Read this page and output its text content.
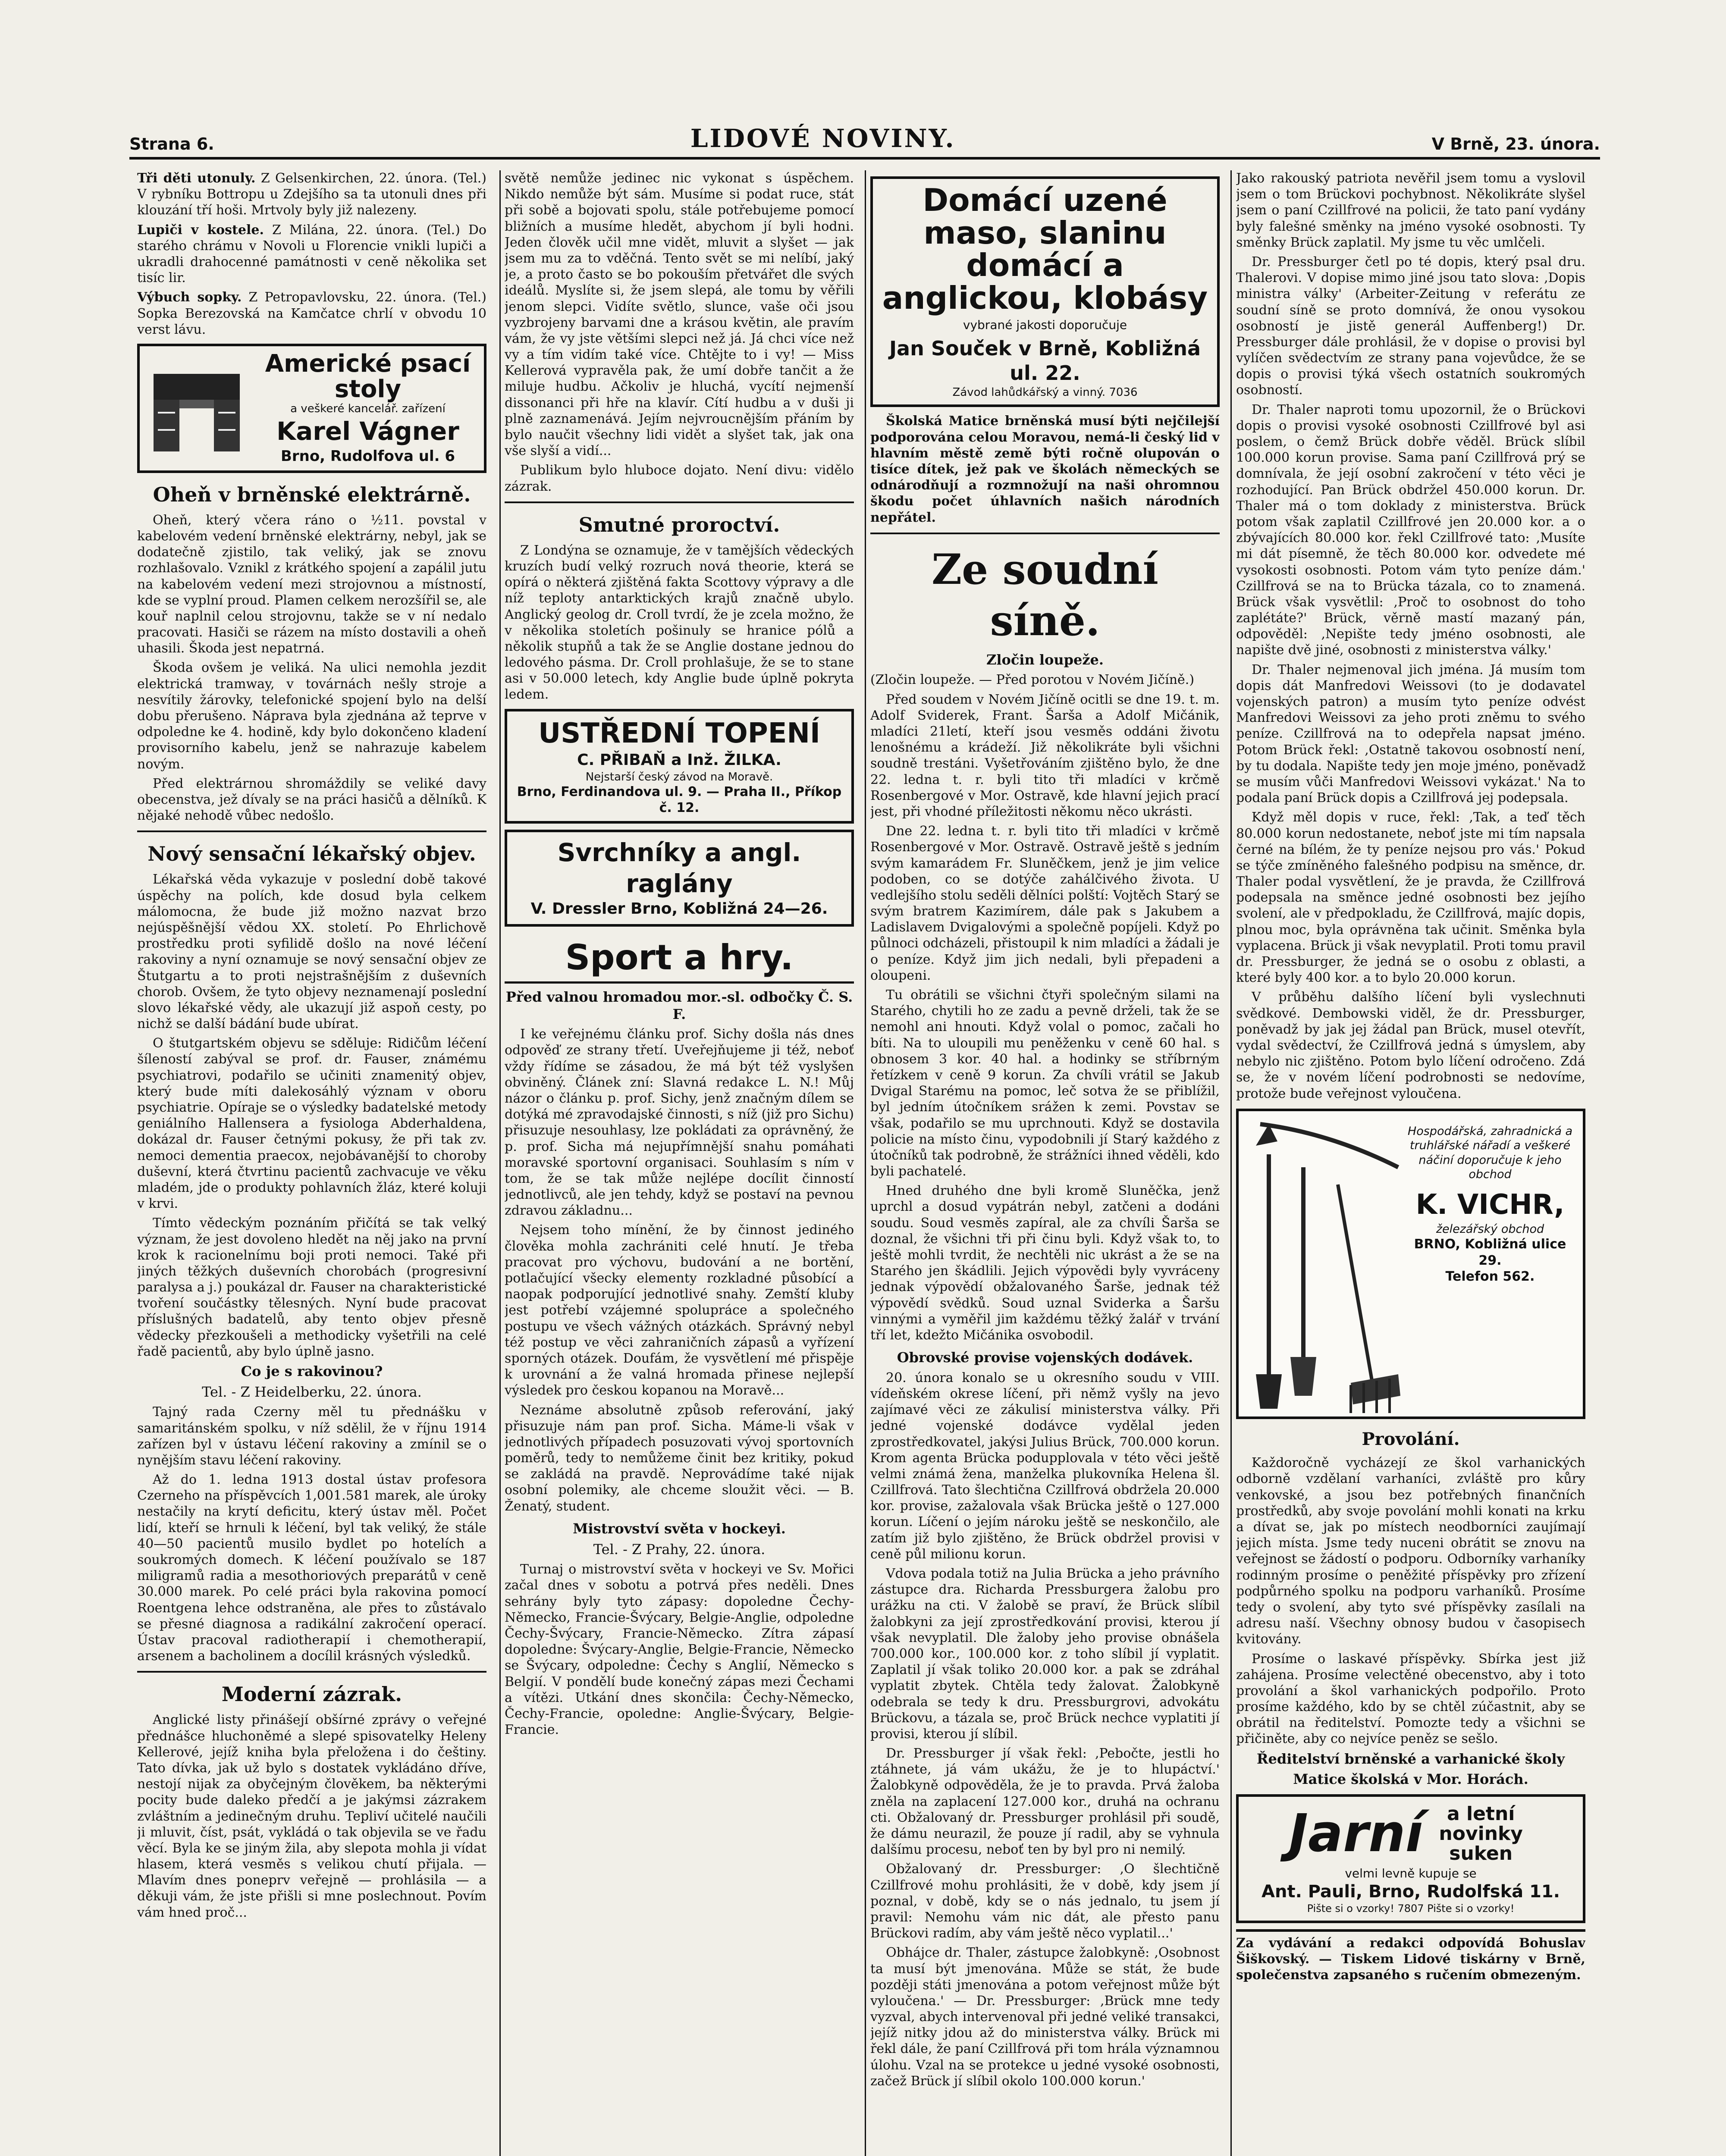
Strana 6.	LIDOVÉ NOVINY.	V Brně, 23. února.

Tři děti utonuly. Z Gelsenkirchen, 22. února. (Tel.) V rybníku Bottropu u Zdejšího sa ta utonuli dnes při klouzání tří hoši. Mrtvoly byly již nalezeny.

Lupiči v kostele. Z Milána, 22. února. (Tel.) Do starého chrámu v Novoli u Florencie vnikli lupiči a ukradli drahocenné památnosti v ceně několika set tisíc lir.

Výbuch sopky. Z Petropavlovsku, 22. února. (Tel.) Sopka Berezovská na Kamčatce chrlí v obvodu 10 verst lávu.

Americké psací stoly
a veškeré kancelář. zařízení
Karel Vágner
Brno, Rudolfova ul. 6
Oheň v brněnské elektrárně.

Oheň, který včera ráno o ½11. povstal v kabelovém vedení brněnské elektrárny, nebyl, jak se dodatečně zjistilo, tak veliký, jak se znovu rozhlašovalo. Vznikl z krátkého spojení a zapálil jutu na kabelovém vedení mezi strojovnou a místností, kde se vyplní proud. Plamen celkem nerozšířil se, ale kouř naplnil celou strojovnu, takže se v ní nedalo pracovati. Hasiči se rázem na místo dostavili a oheň uhasili. Škoda jest nepatrná.

Škoda ovšem je veliká. Na ulici nemohla jezdit elektrická tramway, v továrnách nešly stroje a nesvítily žárovky, telefonické spojení bylo na delší dobu přerušeno. Náprava byla zjednána až teprve v odpoledne ke 4. hodině, kdy bylo dokončeno kladení provisorního kabelu, jenž se nahrazuje kabelem novým.

Před elektrárnou shromáždily se veliké davy obecenstva, jež dívaly se na práci hasičů a dělníků. K nějaké nehodě vůbec nedošlo.

Nový sensační lékařský objev.

Lékařská věda vykazuje v poslední době takové úspěchy na polích, kde dosud byla celkem málomocna, že bude již možno nazvat brzo nejúspěšnější vědou XX. století. Po Ehrlichově prostředku proti syfilidě došlo na nové léčení rakoviny a nyní oznamuje se nový sensační objev ze Štutgartu a to proti nejstrašnějším z duševních chorob. Ovšem, že tyto objevy neznamenají poslední slovo lékařské vědy, ale ukazují již aspoň cesty, po nichž se další bádání bude ubírat.

O štutgartském objevu se sděluje: Ridičům léčení šíleností zabýval se prof. dr. Fauser, známému psychiatrovi, podařilo se učiniti znamenitý objev, který bude míti dalekosáhlý význam v oboru psychiatrie. Opíraje se o výsledky badatelské metody geniálního Hallensera a fysiologa Abderhaldena, dokázal dr. Fauser četnými pokusy, že při tak zv. nemoci dementia praecox, nejobávanější to choroby duševní, která čtvrtinu pacientů zachvacuje ve věku mladém, jde o produkty pohlavních žláz, které koluji v krvi.

Tímto vědeckým poznáním přičítá se tak velký význam, že jest dovoleno hledět na něj jako na první krok k racionelnímu boji proti nemoci. Také při jiných těžkých duševních chorobách (progresivní paralysa a j.) poukázal dr. Fauser na charakteristické tvoření součástky tělesných. Nyní bude pracovat příslušných badatelů, aby tento objev přesně vědecky přezkoušeli a methodicky vyšetřili na celé řadě pacientů, aby bylo úplně jasno.

Co je s rakovinou?
Tel. - Z Heidelberku, 22. února.

Tajný rada Czerny měl tu přednášku v samaritánském spolku, v níž sdělil, že v říjnu 1914 zařízen byl v ústavu léčení rakoviny a zmínil se o nynějším stavu léčení rakoviny.

Až do 1. ledna 1913 dostal ústav profesora Czerneho na příspěvcích 1,001.581 marek, ale úroky nestačily na krytí deficitu, který ústav měl. Počet lidí, kteří se hrnuli k léčení, byl tak veliký, že stále 40—50 pacientů musilo bydlet po hotelích a soukromých domech. K léčení používalo se 187 miligramů radia a mesothoriových preparátů v ceně 30.000 marek. Po celé práci byla rakovina pomocí Roentgena lehce odstraněna, ale přes to zůstávalo se přesné diagnosa a radikální zakročení operací. Ústav pracoval radiotherapií i chemotherapií, arsenem a bacholinem a docílil krásných výsledků.

Moderní zázrak.

Anglické listy přinášejí obšírné zprávy o veřejné přednášce hluchoněmé a slepé spisovatelky Heleny Kellerové, jejíž kniha byla přeložena i do češtiny. Tato dívka, jak už bylo s dostatek vykládáno dříve, nestojí nijak za obyčejným člověkem, ba některými pocity bude daleko předčí a je jakýmsi zázrakem zvláštním a jedinečným druhu. Tepliví učitelé naučili ji mluvit, číst, psát, vykládá o tak objevila se ve řadu věcí. Byla ke se jiným žila, aby slepota mohla ji vídat hlasem, která vesměs s velikou chutí přijala. — Mlavím dnes poneprv veřejně — prohlásila — a děkuji vám, že jste přišli si mne poslechnout. Povím vám hned proč...

světě nemůže jedinec nic vykonat s úspěchem. Nikdo nemůže být sám. Musíme si podat ruce, stát při sobě a bojovati spolu, stále potřebujeme pomocí bližních a musíme hledět, abychom jí byli hodni. Jeden člověk učil mne vidět, mluvit a slyšet — jak jsem mu za to vděčná. Tento svět se mi nelíbí, jaký je, a proto často se bo pokouším přetvářet dle svých ideálů. Myslíte si, že jsem slepá, ale tomu by věřili jenom slepci. Vidíte světlo, slunce, vaše oči jsou vyzbrojeny barvami dne a krásou květin, ale pravím vám, že vy jste většími slepci než já. Já chci více než vy a tím vidím také více. Chtějte to i vy! — Miss Kellerová vypravěla pak, že umí dobře tančit a že miluje hudbu. Ačkoliv je hluchá, vycítí nejmenší dissonanci při hře na klavír. Cítí hudbu a v duši ji plně zaznamenává. Jejím nejvroucnějším přáním by bylo naučit všechny lidi vidět a slyšet tak, jak ona vše slyší a vidí...

Publikum bylo hluboce dojato. Není divu: vidělo zázrak.

Smutné proroctví.

Z Londýna se oznamuje, že v tamějších vědeckých kruzích budí velký rozruch nová theorie, která se opírá o některá zjištěná fakta Scottovy výpravy a dle níž teploty antarktických krajů značně ubylo. Anglický geolog dr. Croll tvrdí, že je zcela možno, že v několika stoletích pošinuly se hranice pólů a několik stupňů a tak že se Anglie dostane jednou do ledového pásma. Dr. Croll prohlašuje, že se to stane asi v 50.000 letech, kdy Anglie bude úplně pokryta ledem.

USTŘEDNÍ TOPENÍ
C. PŘIBAŇ a Inž. ŽILKA.
Nejstarší český závod na Moravě.
Brno, Ferdinandova ul. 9. — Praha II., Příkop č. 12.
Svrchníky a angl. raglány
V. Dressler Brno, Kobližná 24—26.
Sport a hry.
Před valnou hromadou mor.-sl. odbočky Č. S. F.

I ke veřejnému článku prof. Sichy došla nás dnes odpověď ze strany třetí. Uveřejňujeme ji též, neboť vždy řídíme se zásadou, že má být též vyslyšen obviněný. Článek zní: Slavná redakce L. N.! Můj názor o článku p. prof. Sichy, jenž značným dílem se dotýká mé zpravodajské činnosti, s níž (již pro Sichu) přisuzuje nesouhlasy, lze pokládati za oprávněný, že p. prof. Sicha má nejupřímnější snahu pomáhati moravské sportovní organisaci. Souhlasím s ním v tom, že se tak může nejlépe docílit činností jednotlivců, ale jen tehdy, když se postaví na pevnou zdravou základnu...

Nejsem toho mínění, že by činnost jediného člověka mohla zachrániti celé hnutí. Je třeba pracovat pro výchovu, budování a ne bortění, potlačující všecky elementy rozkladné působící a naopak podporující jednotlivé snahy. Zemští kluby jest potřebí vzájemné spolupráce a společného postupu ve všech vážných otázkách. Správný nebyl též postup ve věci zahraničních zápasů a vyřízení sporných otázek. Doufám, že vysvětlení mé přispěje k urovnání a že valná hromada přinese nejlepší výsledek pro českou kopanou na Moravě...

Neznáme absolutně způsob referování, jaký přisuzuje nám pan prof. Sicha. Máme-li však v jednotlivých případech posuzovati vývoj sportovních poměrů, tedy to nemůžeme činit bez kritiky, pokud se zakládá na pravdě. Neprovádíme také nijak osobní polemiky, ale chceme sloužit věci. — B. Ženatý, student.

Mistrovství světa v hockeyi.
Tel. - Z Prahy, 22. února.

Turnaj o mistrovství světa v hockeyi ve Sv. Mořici začal dnes v sobotu a potrvá přes neděli. Dnes sehrány byly tyto zápasy: dopoledne Čechy-Německo, Francie-Švýcary, Belgie-Anglie, odpoledne Čechy-Švýcary, Francie-Německo. Zítra zápasí dopoledne: Švýcary-Anglie, Belgie-Francie, Německo se Švýcary, odpoledne: Čechy s Anglií, Německo s Belgií. V pondělí bude konečný zápas mezi Čechami a vítězi. Utkání dnes skončila: Čechy-Německo, Čechy-Francie, opoledne: Anglie-Švýcary, Belgie-Francie.

Domácí uzené maso, slaninu domácí a anglickou, klobásy
vybrané jakosti doporučuje
Jan Souček v Brně, Kobližná ul. 22.
Závod lahůdkářský a vinný. 7036

Školská Matice brněnská musí býti nejčilejší podporována celou Moravou, nemá-li český lid v hlavním městě země býti ročně olupován o tisíce dítek, jež pak ve školách německých se odnárodňují a rozmnožují na naši ohromnou škodu počet úhlavních našich národních nepřátel.

Ze soudní síně.
Zločin loupeže.

(Zločin loupeže. — Před porotou v Novém Jičíně.)

Před soudem v Novém Jičíně ocitli se dne 19. t. m. Adolf Sviderek, Frant. Šarša a Adolf Mičánik, mladíci 21letí, kteří jsou vesměs oddáni životu lenošnému a krádeží. Již několikráte byli všichni soudně trestáni. Vyšetřováním zjištěno bylo, že dne 22. ledna t. r. byli tito tři mladíci v krčmě Rosenbergové v Mor. Ostravě, kde hlavní jejich prací jest, při vhodné příležitosti někomu něco ukrásti.

Dne 22. ledna t. r. byli tito tři mladíci v krčmě Rosenbergové v Mor. Ostravě. Ostravě ještě s jedním svým kamarádem Fr. Sluněčkem, jenž je jim velice podoben, co se dotýče zahálčivého života. U vedlejšího stolu seděli dělníci polští: Vojtěch Starý se svým bratrem Kazimírem, dále pak s Jakubem a Ladislavem Dvigalovými a společně popíjeli. Když po půlnoci odcházeli, přistoupil k nim mladíci a žádali je o peníze. Když jim jich nedali, byli přepadeni a oloupeni.

Tu obrátili se všichni čtyři společným silami na Starého, chytili ho ze zadu a pevně drželi, tak že se nemohl ani hnouti. Když volal o pomoc, začali ho bíti. Na to uloupili mu peněženku v ceně 60 hal. s obnosem 3 kor. 40 hal. a hodinky se stříbrným řetízkem v ceně 9 korun. Za chvíli vrátil se Jakub Dvigal Starému na pomoc, leč sotva že se přiblížil, byl jedním útočníkem srážen k zemi. Povstav se však, podařilo se mu uprchnouti. Když se dostavila policie na místo činu, vypodobnili jí Starý každého z útočníků tak podrobně, že strážníci ihned věděli, kdo byli pachatelé.

Hned druhého dne byli kromě Sluněčka, jenž uprchl a dosud vypátrán nebyl, zatčeni a dodáni soudu. Soud vesměs zapíral, ale za chvíli Šarša se doznal, že všichni tři při činu byli. Když však to, to ještě mohli tvrdit, že nechtěli nic ukrást a že se na Starého jen škádlili. Jejich výpovědi byly vyvráceny jednak výpovědí obžalovaného Šarše, jednak též výpovědí svědků. Soud uznal Sviderka a Šaršu vinnými a vyměřil jim každému těžký žalář v trvání tří let, kdežto Mičánika osvobodil.

Obrovské provise vojenských dodávek.

20. února konalo se u okresního soudu v VIII. vídeňském okrese líčení, při němž vyšly na jevo zajímavé věci ze zákulisí ministerstva války. Při jedné vojenské dodávce vydělal jeden zprostředkovatel, jakýsi Julius Brück, 700.000 korun. Krom agenta Brücka podupplovala v této věci ještě velmi známá žena, manželka plukovníka Helena šl. Czillfrová. Tato šlechtična Czillfrová obdržela 20.000 kor. provise, zažalovala však Brücka ještě o 127.000 korun. Líčení o jejím nároku ještě se neskončilo, ale zatím již bylo zjištěno, že Brück obdržel provisi v ceně půl milionu korun.

Vdova podala totiž na Julia Brücka a jeho právního zástupce dra. Richarda Pressburgera žalobu pro urážku na cti. V žalobě se praví, že Brück slíbil žalobkyni za její zprostředkování provisi, kterou jí však nevyplatil. Dle žaloby jeho provise obnášela 700.000 kor., 100.000 kor. z toho slíbil jí vyplatit. Zaplatil jí však toliko 20.000 kor. a pak se zdráhal vyplatit zbytek. Chtěla tedy žalovat. Žalobkyně odebrala se tedy k dru. Pressburgrovi, advokátu Brückovu, a tázala se, proč Brück nechce vyplatiti jí provisi, kterou jí slíbil.

Dr. Pressburger jí však řekl: ,Pebočte, jestli ho ztáhnete, já vám ukážu, že je to hlupáctví.' Žalobkyně odpověděla, že je to pravda. Prvá žaloba zněla na zaplacení 127.000 kor., druhá na ochranu cti. Obžalovaný dr. Pressburger prohlásil při soudě, že dámu neurazil, že pouze jí radil, aby se vyhnula dalšímu procesu, neboť ten by byl pro ni nemilý.

Obžalovaný dr. Pressburger: ,O šlechtičně Czillfrové mohu prohlásiti, že v době, kdy jsem jí poznal, v době, kdy se o nás jednalo, tu jsem jí pravil: Nemohu vám nic dát, ale přesto panu Brückovi radím, aby vám ještě něco vyplatil...'

Obhájce dr. Thaler, zástupce žalobkyně: ,Osobnost ta musí být jmenována. Může se stát, že bude později státi jmenována a potom veřejnost může být vyloučena.' — Dr. Pressburger: ,Brück mne tedy vyzval, abych intervenoval při jedné veliké transakci, jejíž nitky jdou až do ministerstva války. Brück mi řekl dále, že paní Czillfrová při tom hrála významnou úlohu. Vzal na se protekce u jedné vysoké osobnosti, začež Brück jí slíbil okolo 100.000 korun.'

Jako rakouský patriota nevěřil jsem tomu a vyslovil jsem o tom Brückovi pochybnost. Několikráte slyšel jsem o paní Czillfrové na policii, že tato paní vydány byly falešné směnky na jméno vysoké osobnosti. Ty směnky Brück zaplatil. My jsme tu věc umlčeli.

Dr. Pressburger četl po té dopis, který psal dru. Thalerovi. V dopise mimo jiné jsou tato slova: ,Dopis ministra války' (Arbeiter-Zeitung v referátu ze soudní síně se proto domnívá, že onou vysokou osobností je jistě generál Auffenberg!) Dr. Pressburger dále prohlásil, že v dopise o provisi byl vylíčen svědectvím ze strany pana vojevůdce, že se dopis o provisi týká všech ostatních soukromých osobností.

Dr. Thaler naproti tomu upozornil, že o Brückovi dopis o provisi vysoké osobnosti Czillfrové byl asi poslem, o čemž Brück dobře věděl. Brück slíbil 100.000 korun provise. Sama paní Czillfrová prý se domnívala, že její osobní zakročení v této věci je rozhodující. Pan Brück obdržel 450.000 korun. Dr. Thaler má o tom doklady z ministerstva. Brück potom však zaplatil Czillfrové jen 20.000 kor. a o zbývajících 80.000 kor. řekl Czillfrové tato: ,Musíte mi dát písemně, že těch 80.000 kor. odvedete mé vysokosti osobnosti. Potom vám tyto peníze dám.' Czillfrová se na to Brücka tázala, co to znamená. Brück však vysvětlil: ,Proč to osobnost do toho zaplétáte?' Brück, věrně mastí mazaný pán, odpověděl: ,Nepište tedy jméno osobnosti, ale napište dvě jiné, osobnosti z ministerstva války.'

Dr. Thaler nejmenoval jich jména. Já musím tom dopis dát Manfredovi Weissovi (to je dodavatel vojenských patron) a musím tyto peníze odvést Manfredovi Weissovi za jeho proti zněmu to svého peníze. Czillfrová na to odepřela napsat jméno. Potom Brück řekl: ,Ostatně takovou osobností není, by tu dodala. Napište tedy jen moje jméno, poněvadž se musím vůči Manfredovi Weissovi vykázat.' Na to podala paní Brück dopis a Czillfrová jej podepsala.

Když měl dopis v ruce, řekl: ,Tak, a teď těch 80.000 korun nedostanete, neboť jste mi tím napsala černé na bílém, že ty peníze nejsou pro vás.' Pokud se týče zmíněného falešného podpisu na směnce, dr. Thaler podal vysvětlení, že je pravda, že Czillfrová podepsala na směnce jedné osobnosti bez jejího svolení, ale v předpokladu, že Czillfrová, majíc dopis, plnou moc, byla oprávněna tak učinit. Směnka byla vyplacena. Brück ji však nevyplatil. Proti tomu pravil dr. Pressburger, že jedná se o osobu z oblasti, a které byly 400 kor. a to bylo 20.000 korun.

V průběhu dalšího líčení byli vyslechnuti svědkové. Dembowski viděl, že dr. Pressburger, poněvadž by jak jej žádal pan Brück, musel otevřít, vydal svědectví, že Czillfrová jedná s úmyslem, aby nebylo nic zjištěno. Potom bylo líčení odročeno. Zdá se, že v novém líčení podrobnosti se nedovíme, protože bude veřejnost vyloučena.

Hospodářská, zahradnická a truhlářské nářadí a veškeré náčiní doporučuje k jeho obchod
K. VICHR,
železářský obchod
BRNO, Kobližná ulice 29.
Telefon 562.
Provolání.

Každoročně vycházejí ze škol varhanických odborně vzdělaní varhaníci, zvláště pro kůry venkovské, a jsou bez potřebných finančních prostředků, aby svoje povolání mohli konati na krku a dívat se, jak po místech neodborníci zaujímají jejich místa. Jsme tedy nuceni obrátit se znovu na veřejnost se žádostí o podporu. Odborníky varhaníky rodinným prosíme o peněžité příspěvky pro zřízení podpůrného spolku na podporu varhaníků. Prosíme tedy o svolení, aby tyto své příspěvky zasílali na adresu naší. Všechny obnosy budou v časopisech kvitovány.

Prosíme o laskavé příspěvky. Sbírka jest již zahájena. Prosíme velectěné obecenstvo, aby i toto provolání a škol varhanických podpořilo. Proto prosíme každého, kdo by se chtěl zúčastnit, aby se obrátil na ředitelství. Pomozte tedy a všichni se přičiněte, aby co nejvíce peněz se sešlo.

Ředitelství brněnské a varhanické školy
Matice školská v Mor. Horách.
Jarní	a letní novinky suken
velmi levně kupuje se
Ant. Pauli, Brno, Rudolfská 11.
Pište si o vzorky! 7807 Pište si o vzorky!
Za vydávání a redakci odpovídá Bohuslav Šiškovský. — Tiskem Lidové tiskárny v Brně, společenstva zapsaného s ručením obmezeným.
